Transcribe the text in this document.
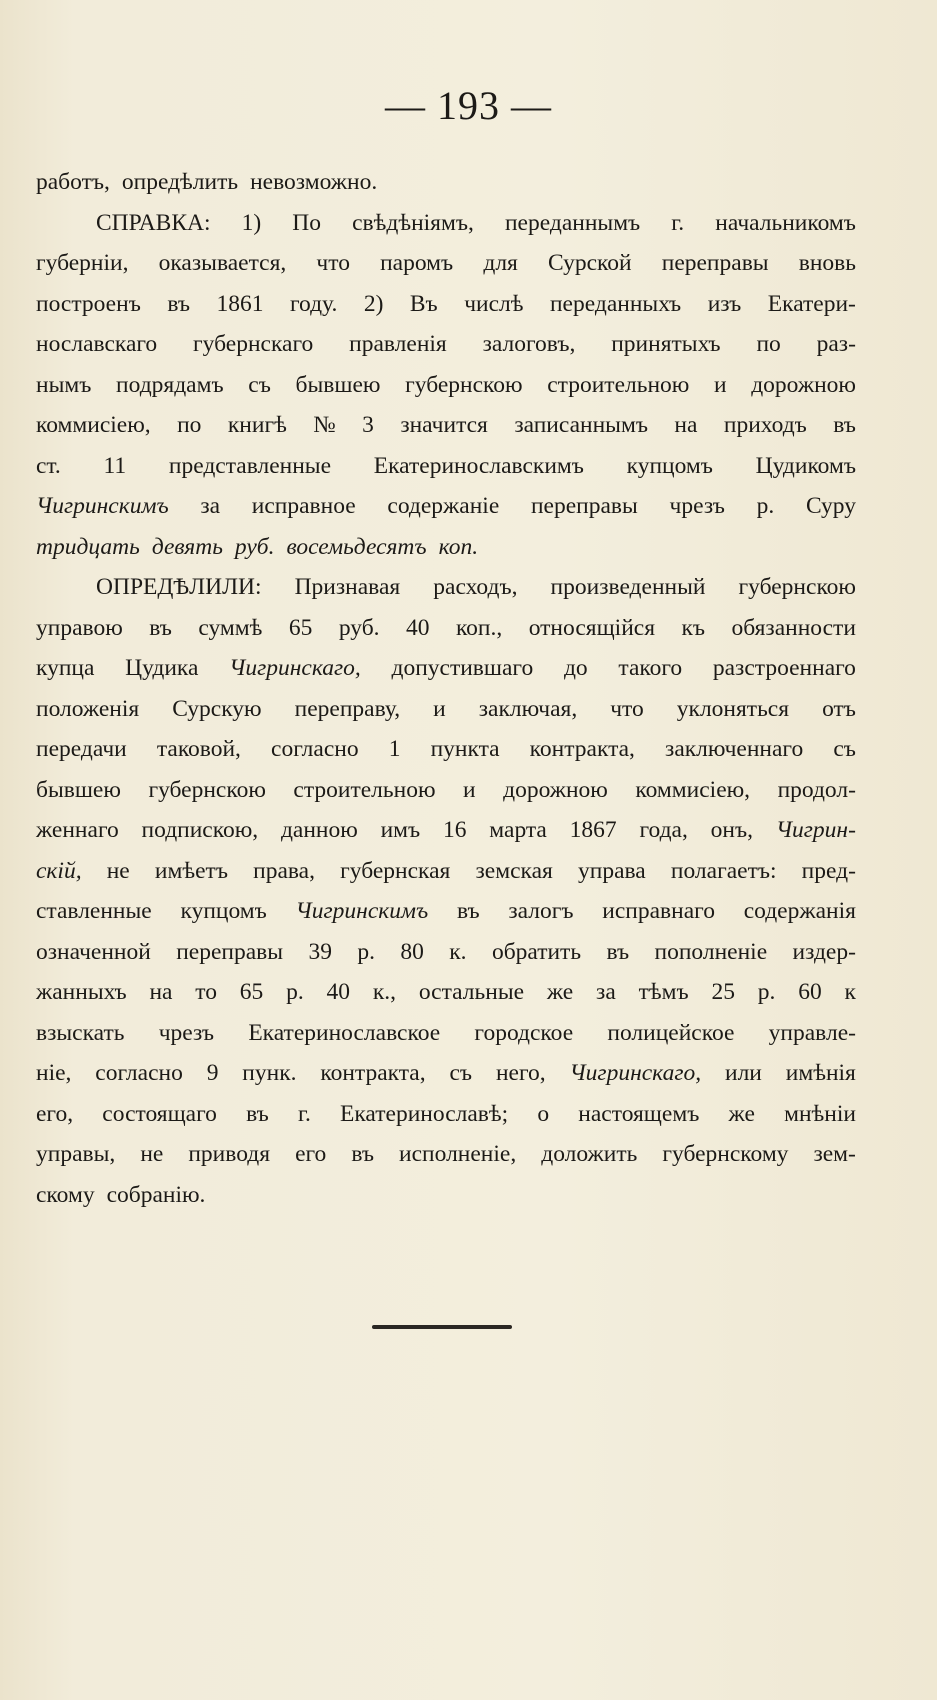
— 193 —
работъ, опредѣлить невозможно.
СПРАВКА: 1) По свѣдѣніямъ, переданнымъ г. начальникомъ
губерніи, оказывается, что паромъ для Сурской переправы вновь
построенъ въ 1861 году. 2) Въ числѣ переданныхъ изъ Екатери-
нославскаго губернскаго правленія залоговъ, принятыхъ по раз-
нымъ подрядамъ съ бывшею губернскою строительною и дорожною
коммисіею, по книгѣ № 3 значится записаннымъ на приходъ въ
ст. 11 представленные Екатеринославскимъ купцомъ Цудикомъ
Чигринскимъ за исправное содержаніе переправы чрезъ р. Суру
тридцать девять руб. восемьдесятъ коп.
ОПРЕДѢЛИЛИ: Признавая расходъ, произведенный губернскою
управою въ суммѣ 65 руб. 40 коп., относящійся къ обязанности
купца Цудика Чигринскаго, допустившаго до такого разстроеннаго
положенія Сурскую переправу, и заключая, что уклоняться отъ
передачи таковой, согласно 1 пункта контракта, заключеннаго съ
бывшею губернскою строительною и дорожною коммисіею, продол-
женнаго подпискою, данною имъ 16 марта 1867 года, онъ, Чигрин-
скій, не имѣетъ права, губернская земская управа полагаетъ: пред-
ставленные купцомъ Чигринскимъ въ залогъ исправнаго содержанія
означенной переправы 39 р. 80 к. обратить въ пополненіе издер-
жанныхъ на то 65 р. 40 к., остальные же за тѣмъ 25 р. 60 к
взыскать чрезъ Екатеринославское городское полицейское управле-
ніе, согласно 9 пунк. контракта, съ него, Чигринскаго, или имѣнія
его, состоящаго въ г. Екатеринославѣ; о настоящемъ же мнѣніи
управы, не приводя его въ исполненіе, доложить губернскому зем-
скому собранію.
